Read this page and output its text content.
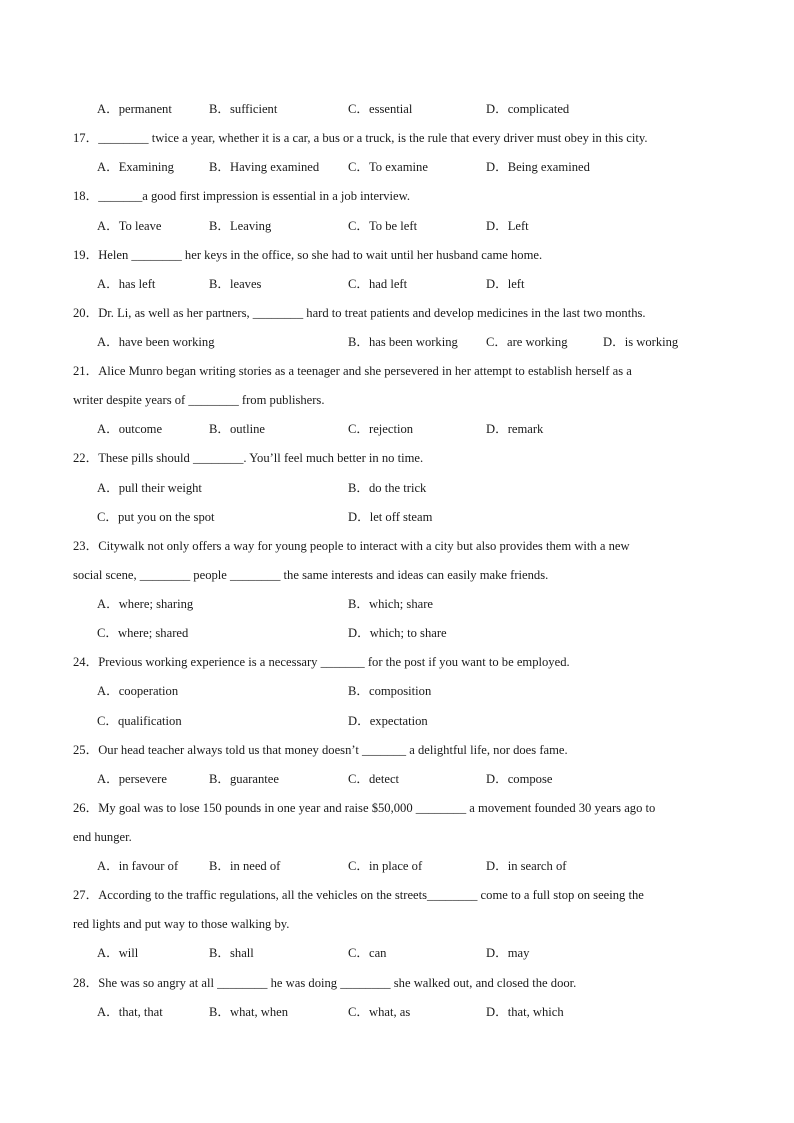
A．permanent	B．sufficient	C．essential	D．complicated
17．________ twice a year, whether it is a car, a bus or a truck, is the rule that every driver must obey in this city.
A．Examining	B．Having examined C．To examine	D．Being examined
18．_______a good first impression is essential in a job interview.
A．To leave	B．Leaving	C．To be left	D．Left
19．Helen ________ her keys in the office, so she had to wait until her husband came home.
A．has left	B．leaves	C．had left	D．left
20．Dr. Li, as well as her partners, ________ hard to treat patients and develop medicines in the last two months.
A．have been working	B．has been working C．are working	D．is working
21．Alice Munro began writing stories as a teenager and she persevered in her attempt to establish herself as a
writer despite years of ________ from publishers.
A．outcome	B．outline	C．rejection	D．remark
22．These pills should ________. You’ll feel much better in no time.
A．pull their weight	B．do the trick
C．put you on the spot	D．let off steam
23．Citywalk not only offers a way for young people to interact with a city but also provides them with a new
social scene, ________ people ________ the same interests and ideas can easily make friends.
A．where; sharing	B．which; share
C．where; shared	D．which; to share
24．Previous working experience is a necessary _______ for the post if you want to be employed.
A．cooperation	B．composition
C．qualification	D．expectation
25．Our head teacher always told us that money doesn’t _______ a delightful life, nor does fame.
A．persevere	B．guarantee	C．detect	D．compose
26．My goal was to lose 150 pounds in one year and raise $50,000 ________ a movement founded 30 years ago to
end hunger.
A．in favour of B．in need of	C．in place of	D．in search of
27．According to the traffic regulations, all the vehicles on the streets________ come to a full stop on seeing the
red lights and put way to those walking by.
A．will	B．shall	C．can	D．may
28．She was so angry at all ________ he was doing ________ she walked out, and closed the door.
A．that, that	B．what, when	C．what, as	D．that, which
